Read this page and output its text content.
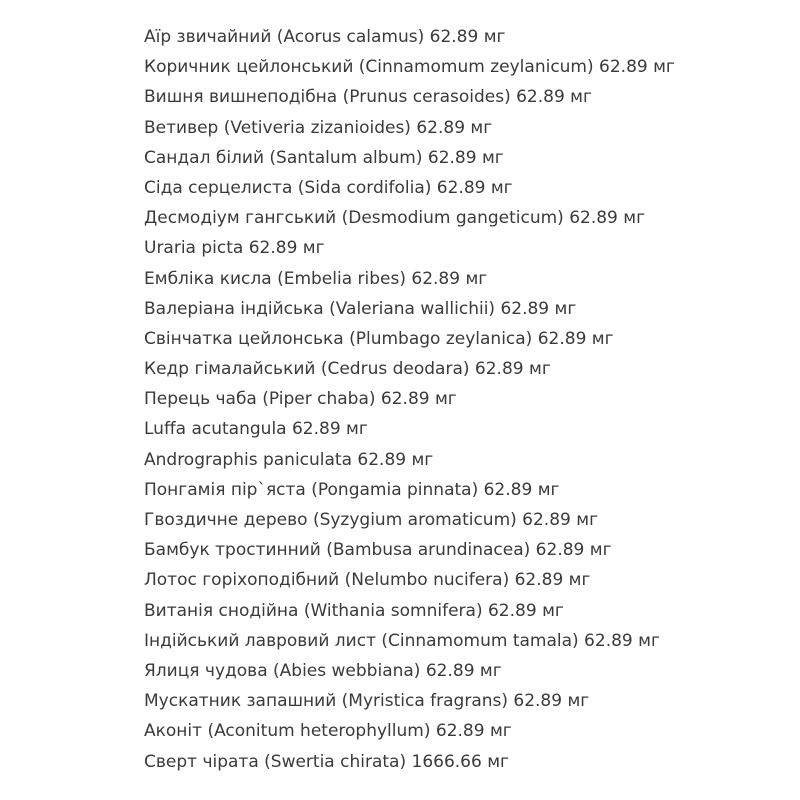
Аїр звичайний (Acorus calamus) 62.89 мг
Коричник цейлонський (Cinnamomum zeylanicum) 62.89 мг
Вишня вишнеподібна (Prunus cerasoides) 62.89 мг
Ветивер (Vetiveria zizanioides) 62.89 мг
Сандал білий (Santalum album) 62.89 мг
Сіда серцелиста (Sida cordifolia) 62.89 мг
Десмодіум гангський (Desmodium gangeticum) 62.89 мг
Uraria picta 62.89 мг
Ембліка кисла (Embelia ribes) 62.89 мг
Валеріана індійська (Valeriana wallichii) 62.89 мг
Свінчатка цейлонська (Plumbago zeylanica) 62.89 мг
Кедр гімалайський (Cedrus deodara) 62.89 мг
Перець чаба (Piper chaba) 62.89 мг
Luffa acutangula 62.89 мг
Andrographis paniculata 62.89 мг
Понгамія пір`яста (Pongamia pinnata) 62.89 мг
Гвоздичне дерево (Syzygium aromaticum) 62.89 мг
Бамбук тростинний (Bambusa arundinacea) 62.89 мг
Лотос горіхоподібний (Nelumbo nucifera) 62.89 мг
Витанія снодійна (Withania somnifera) 62.89 мг
Індійський лавровий лист (Cinnamomum tamala) 62.89 мг
Ялиця чудова (Abies webbiana) 62.89 мг
Мускатник запашний (Myristica fragrans) 62.89 мг
Аконіт (Aconitum heterophyllum) 62.89 мг
Сверт чірата (Swertia chirata) 1666.66 мг
